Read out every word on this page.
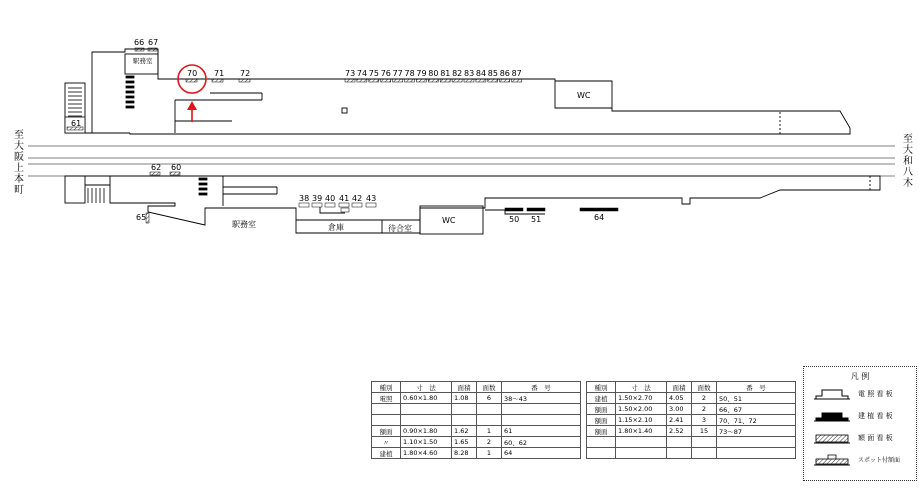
66 67
70 71 72	73 74 75 76 77 78 79 80 81 82 83 84 85 86 87
駅務室
WC
61
62 60
65
38 39 40 41 42 43
50 51	64
駅務室	倉庫	待合室
WC
至大阪上本町
至大和八木
種別	寸　法	面積	面数	番　号
電照	0.60×1.80	1.08	6	38〜43

額面	0.90×1.80	1.62	1	61
〃	1.10×1.50	1.65	2	60、62
建植	1.80×4.60	8.28	1	64
種別	寸　法	面積	面数	番　号
建植	1.50×2.70	4.05	2	50、51
額面	1.50×2.00	3.00	2	66、67
額面	1.15×2.10	2.41	3	70、71、72
額面	1.80×1.40	2.52	15	73〜87

凡 例
電 照 看 板
建 植 看 板
額 面 看 板
スポット付額面
